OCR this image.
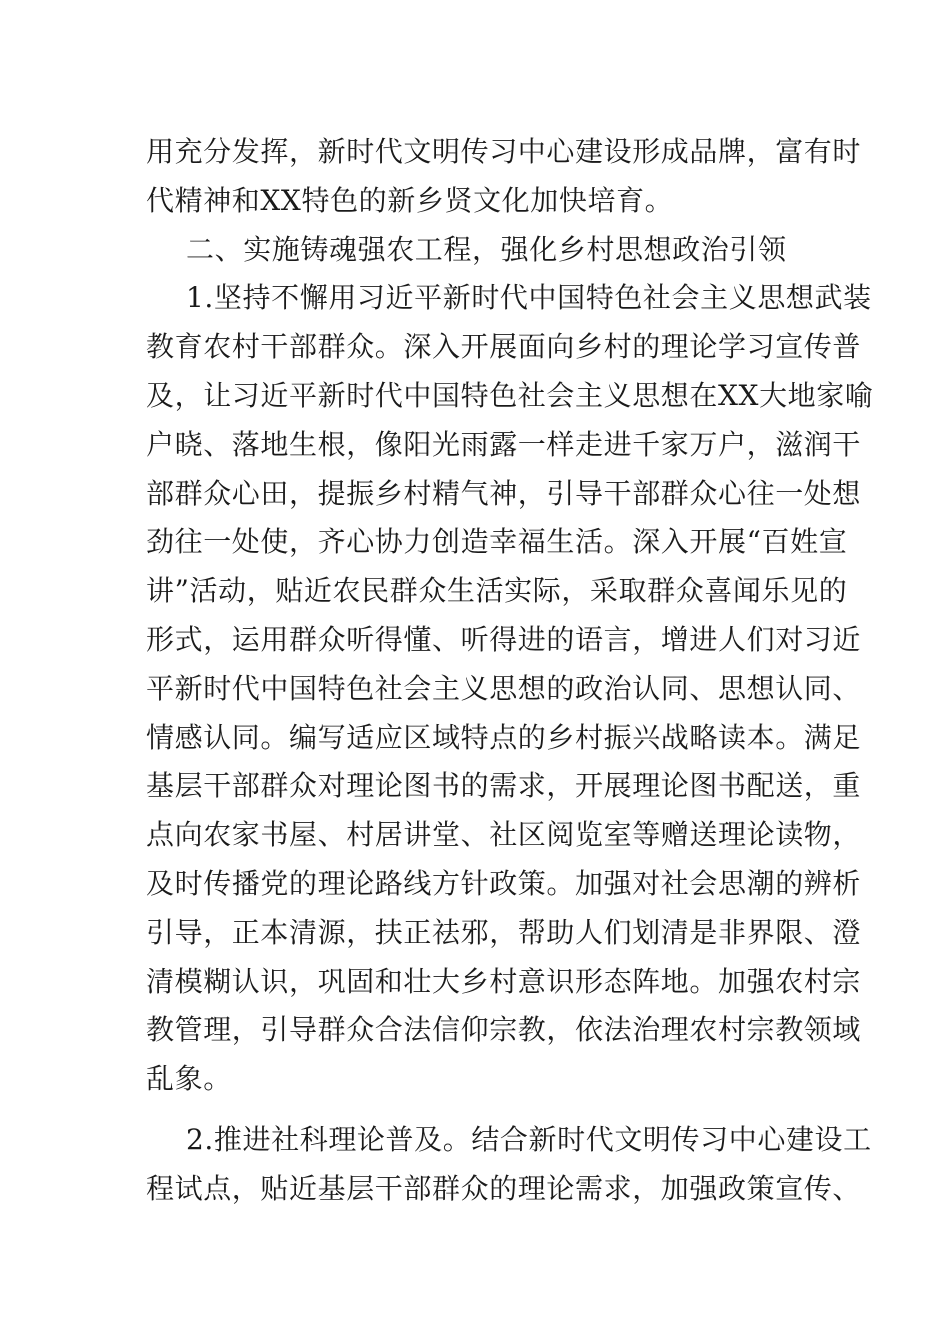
用充分发挥，新时代文明传习中心建设形成品牌，富有时
代精神和XX特色的新乡贤文化加快培育。
二、实施铸魂强农工程，强化乡村思想政治引领
1.坚持不懈用习近平新时代中国特色社会主义思想武装
教育农村干部群众。深入开展面向乡村的理论学习宣传普
及，让习近平新时代中国特色社会主义思想在XX大地家喻
户晓、落地生根，像阳光雨露一样走进千家万户，滋润干
部群众心田，提振乡村精气神，引导干部群众心往一处想
劲往一处使，齐心协力创造幸福生活。深入开展“百姓宣
讲”活动，贴近农民群众生活实际，采取群众喜闻乐见的
形式，运用群众听得懂、听得进的语言，增进人们对习近
平新时代中国特色社会主义思想的政治认同、思想认同、
情感认同。编写适应区域特点的乡村振兴战略读本。满足
基层干部群众对理论图书的需求，开展理论图书配送，重
点向农家书屋、村居讲堂、社区阅览室等赠送理论读物，
及时传播党的理论路线方针政策。加强对社会思潮的辨析
引导，正本清源，扶正祛邪，帮助人们划清是非界限、澄
清模糊认识，巩固和壮大乡村意识形态阵地。加强农村宗
教管理，引导群众合法信仰宗教，依法治理农村宗教领域
乱象。
2.推进社科理论普及。结合新时代文明传习中心建设工
程试点，贴近基层干部群众的理论需求，加强政策宣传、
